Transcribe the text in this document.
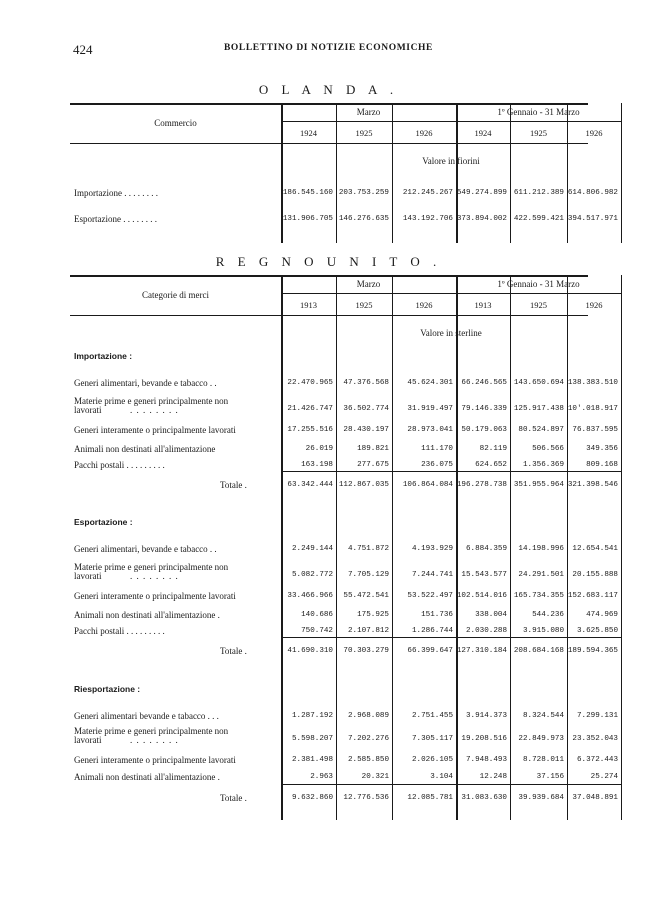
424	BOLLETTINO DI NOTIZIE ECONOMICHE
O L A N D A .
Commercio
Marzo	1º Gennaio - 31 Marzo
1924	1925	1926	1924	1925	1926
Valore in fiorini
Importazione . . . . . . . .	186.545.160 203.753.259	212.245.267 549.274.899 611.212.389 614.806.982
Esportazione . . . . . . . .	131.906.705 146.276.635	143.192.706 373.894.002 422.599.421 394.517.971
R E G N O U N I T O .
Categorie di merci
Marzo	1º Gennaio - 31 Marzo
1913	1925	1926	1913	1925	1926
Valore in sterline
Importazione :
Generi alimentari, bevande e tabacco . .	22.470.965	47.376.568	45.624.301	66.246.565 143.650.694 138.383.510
Materie prime e generi principalmente non
lavorati	. . . . . . . .	21.426.747	36.502.774	31.919.497	79.146.339 125.917.438 10'.018.917
Generi interamente o principalmente lavorati	17.255.516	28.430.197	28.973.041	50.179.063	80.524.897	76.837.595
Animali non destinati all'alimentazione	26.019	189.821	111.170	82.119	506.566	349.356
Pacchi postali . . . . . . . . .	163.198	277.675	236.075	624.652	1.356.369	809.168
Totale .	63.342.444 112.867.035	106.864.084 196.278.738 351.955.964 321.398.546
Esportazione :
Generi alimentari, bevande e tabacco . .	2.249.144	4.751.872	4.193.929	6.884.359	14.198.996	12.654.541
Materie prime e generi principalmente non
lavorati	. . . . . . . .	5.082.772	7.705.129	7.244.741	15.543.577	24.291.501	20.155.888
Generi interamente o principalmente lavorati	33.466.966	55.472.541	53.522.497 102.514.016 165.734.355 152.683.117
Animali non destinati all'alimentazione .	140.686	175.925	151.736	338.004	544.236	474.969
Pacchi postali . . . . . . . . .	750.742	2.107.812	1.286.744	2.030.288	3.915.080	3.625.850
Totale .	41.690.310	70.303.279	66.399.647 127.310.184 208.684.168 189.594.365
Riesportazione :
Generi alimentari bevande e tabacco . . .	1.287.192	2.968.089	2.751.455	3.914.373	8.324.544	7.299.131
Materie prime e generi principalmente non
lavorati	. . . . . . . .	5.598.207	7.202.276	7.305.117	19.208.516	22.849.973	23.352.043
Generi interamente o principalmente lavorati	2.381.498	2.585.850	2.026.105	7.948.493	8.728.011	6.372.443
Animali non destinati all'alimentazione .	2.963	20.321	3.104	12.248	37.156	25.274
Totale .	9.632.860	12.776.536	12.085.781	31.083.630	39.939.684	37.048.891
